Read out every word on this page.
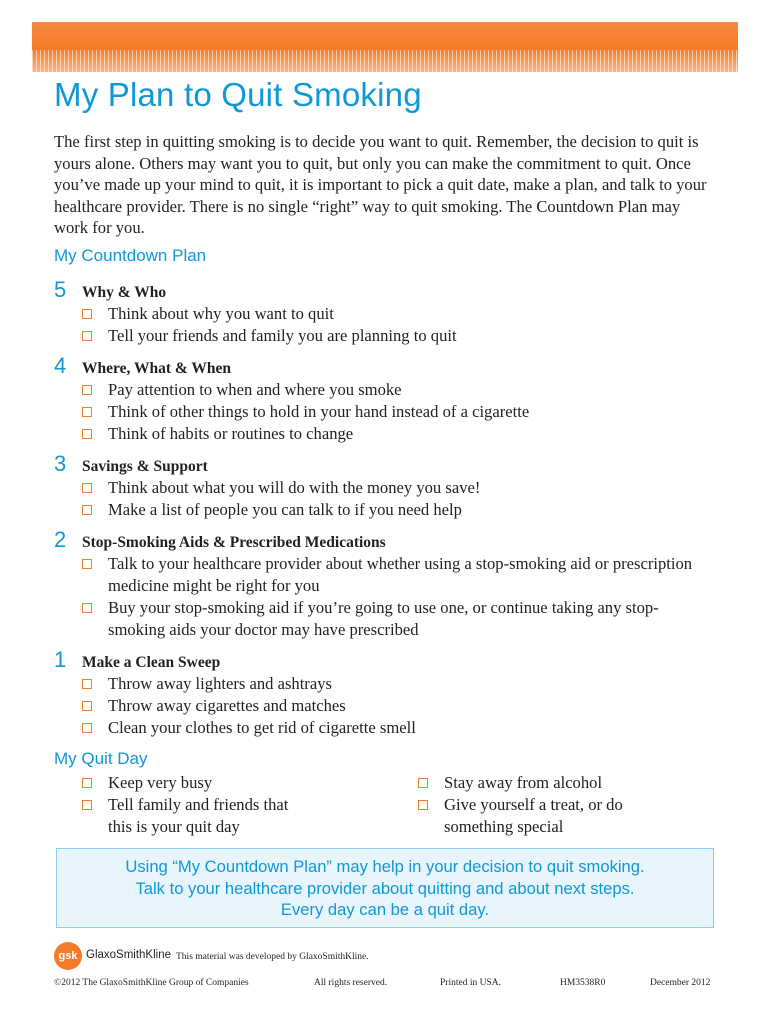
My Plan to Quit Smoking

The first step in quitting smoking is to decide you want to quit. Remember, the decision to quit is yours alone. Others may want you to quit, but only you can make the commitment to quit. Once you’ve made up your mind to quit, it is important to pick a quit date, make a plan, and talk to your healthcare provider. There is no single “right” way to quit smoking. The Countdown Plan may work for you.

My Countdown Plan
5 Why & Who
Think about why you want to quit
Tell your friends and family you are planning to quit
4 Where, What & When
Pay attention to when and where you smoke
Think of other things to hold in your hand instead of a cigarette
Think of habits or routines to change
3 Savings & Support
Think about what you will do with the money you save!
Make a list of people you can talk to if you need help
2 Stop-Smoking Aids & Prescribed Medications
Talk to your healthcare provider about whether using a stop-smoking aid or prescription medicine might be right for you
Buy your stop-smoking aid if you’re going to use one, or continue taking any stop-smoking aids your doctor may have prescribed
1 Make a Clean Sweep
Throw away lighters and ashtrays
Throw away cigarettes and matches
Clean your clothes to get rid of cigarette smell
My Quit Day
Keep very busy
Tell family and friends that this is your quit day
Stay away from alcohol
Give yourself a treat, or do something special
Using “My Countdown Plan” may help in your decision to quit smoking.
Talk to your healthcare provider about quitting and about next steps.
Every day can be a quit day.
gsk GlaxoSmithKline This material was developed by GlaxoSmithKline.
©2012 The GlaxoSmithKline Group of Companies	All rights reserved.	Printed in USA.	HM3538R0	December 2012
